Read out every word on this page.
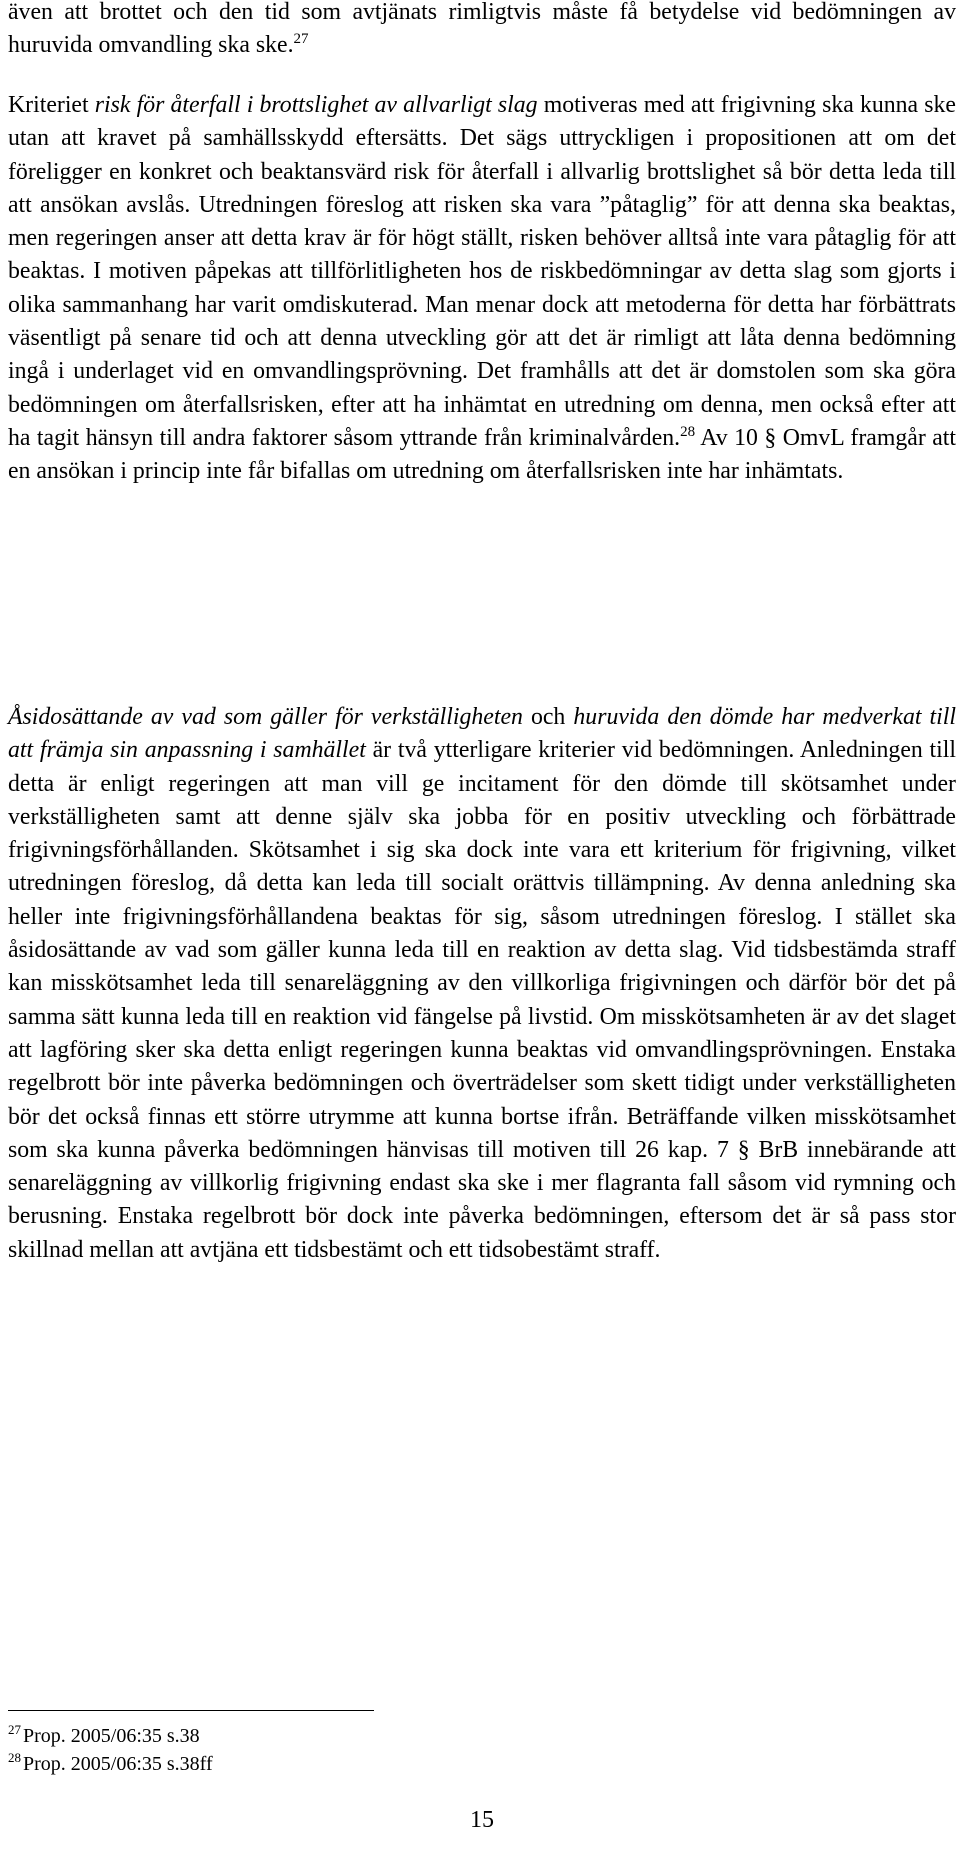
även att brottet och den tid som avtjänats rimligtvis måste få betydelse vid bedömningen av huruvida omvandling ska ske.$^{27}$

Kriteriet risk för återfall i brottslighet av allvarligt slag motiveras med att frigivning ska kunna ske utan att kravet på samhällsskydd eftersätts. Det sägs uttryckligen i propositionen att om det föreligger en konkret och beaktansvärd risk för återfall i allvarlig brottslighet så bör detta leda till att ansökan avslås. Utredningen föreslog att risken ska vara ”påtaglig” för att denna ska beaktas, men regeringen anser att detta krav är för högt ställt, risken behöver alltså inte vara påtaglig för att beaktas. I motiven påpekas att tillförlitligheten hos de riskbedömningar av detta slag som gjorts i olika sammanhang har varit omdiskuterad. Man menar dock att metoderna för detta har förbättrats väsentligt på senare tid och att denna utveckling gör att det är rimligt att låta denna bedömning ingå i underlaget vid en omvandlingsprövning. Det framhålls att det är domstolen som ska göra bedömningen om återfallsrisken, efter att ha inhämtat en utredning om denna, men också efter att ha tagit hänsyn till andra faktorer såsom yttrande från kriminalvården.$^{28}$ Av 10 § OmvL framgår att en ansökan i princip inte får bifallas om utredning om återfallsrisken inte har inhämtats.

Åsidosättande av vad som gäller för verkställigheten och huruvida den dömde har medverkat till att främja sin anpassning i samhället är två ytterligare kriterier vid bedömningen. Anledningen till detta är enligt regeringen att man vill ge incitament för den dömde till skötsamhet under verkställigheten samt att denne själv ska jobba för en positiv utveckling och förbättrade frigivningsförhållanden. Skötsamhet i sig ska dock inte vara ett kriterium för frigivning, vilket utredningen föreslog, då detta kan leda till socialt orättvis tillämpning. Av denna anledning ska heller inte frigivningsförhållandena beaktas för sig, såsom utredningen föreslog. I stället ska åsidosättande av vad som gäller kunna leda till en reaktion av detta slag. Vid tidsbestämda straff kan misskötsamhet leda till senareläggning av den villkorliga frigivningen och därför bör det på samma sätt kunna leda till en reaktion vid fängelse på livstid. Om misskötsamheten är av det slaget att lagföring sker ska detta enligt regeringen kunna beaktas vid omvandlingsprövningen. Enstaka regelbrott bör inte påverka bedömningen och överträdelser som skett tidigt under verkställigheten bör det också finnas ett större utrymme att kunna bortse ifrån. Beträffande vilken misskötsamhet som ska kunna påverka bedömningen hänvisas till motiven till 26 kap. 7 § BrB innebärande att senareläggning av villkorlig frigivning endast ska ske i mer flagranta fall såsom vid rymning och berusning. Enstaka regelbrott bör dock inte påverka bedömningen, eftersom det är så pass stor skillnad mellan att avtjäna ett tidsbestämt och ett tidsobestämt straff.

$^{27}$ Prop. 2005/06:35 s.38

$^{28}$ Prop. 2005/06:35 s.38ff

15
